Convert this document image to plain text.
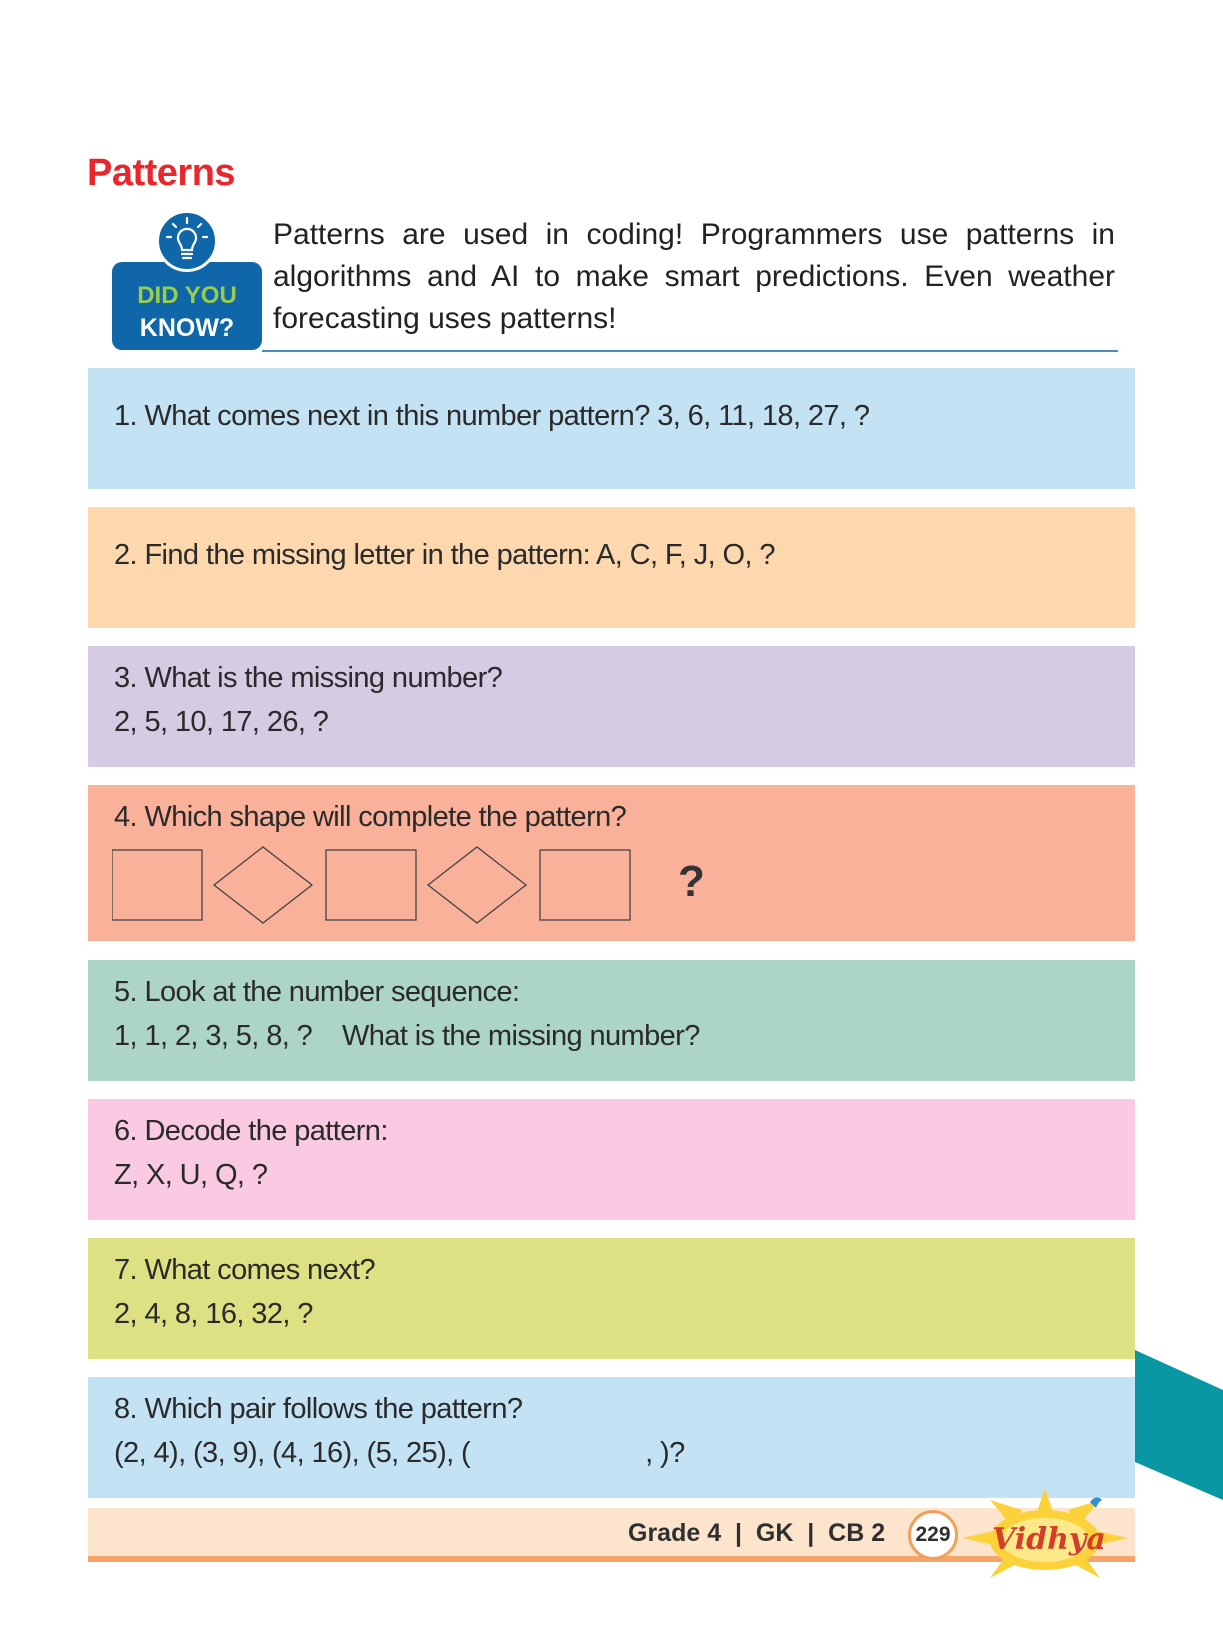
Patterns
DID YOU
KNOW?
Patterns are used in coding! Programmers use patterns in algorithms and AI to make smart predictions. Even weather forecasting uses patterns!
1. What comes next in this number pattern? 3, 6, 11, 18, 27, ?
2. Find the missing letter in the pattern: A, C, F, J, O, ?
3. What is the missing number?
2, 5, 10, 17, 26, ?
4. Which shape will complete the pattern?
?
5. Look at the number sequence:
1, 1, 2, 3, 5, 8, ?    What is the missing number?
6. Decode the pattern:
Z, X, U, Q, ?
7. What comes next?
2, 4, 8, 16, 32, ?
8. Which pair follows the pattern?
(2, 4), (3, 9), (4, 16), (5, 25), (	, )?
Grade 4  |  GK  |  CB 2	229 Vidhya
